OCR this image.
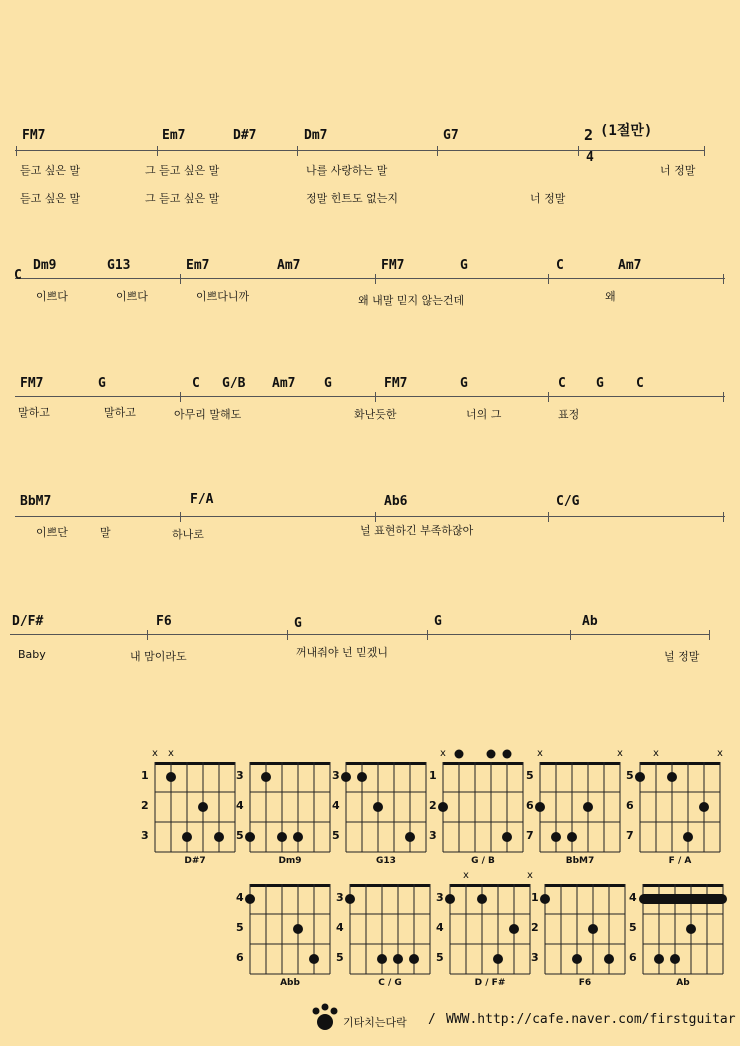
FM7	Em7	D#7	Dm7	G7	2
4
(1절만)
듣고 싶은 말	그 듣고 싶은 말	나를 사랑하는 말	너 정말
듣고 싶은 말	그 듣고 싶은 말	정말 힌트도 없는지	너 정말
C
Dm9	G13	Em7	Am7	FM7	G	C	Am7
이쁘다	이쁘다	이쁘다니까	왜 내말 믿지 않는건데	왜
FM7	G	C G/B Am7 G	FM7	G	C G C
말하고	말하고	아무리 말해도	화난듯한	너의 그	표정
BbM7	F/A	Ab6	C/G
이쁘단	말	하나로	널 표현하긴 부족하잖아
D/F#	F6	G	G	Ab
Baby	내 맘이라도	꺼내줘야 넌 믿겠니	널 정말
1
2
3
x x
D#7
3
4
5
Dm9
3
4
5
G13
1
2
3
x
G / B
5
6
7
x	x
BbM7
5
6
7
x	x
F / A
4
5
6
Abb
3
4
5
C / G
3
4
5
x	x
D / F#
1
2
3
F6
4
5
6
Ab
기타치는다락 / WWW.http://cafe.naver.com/firstguitar
